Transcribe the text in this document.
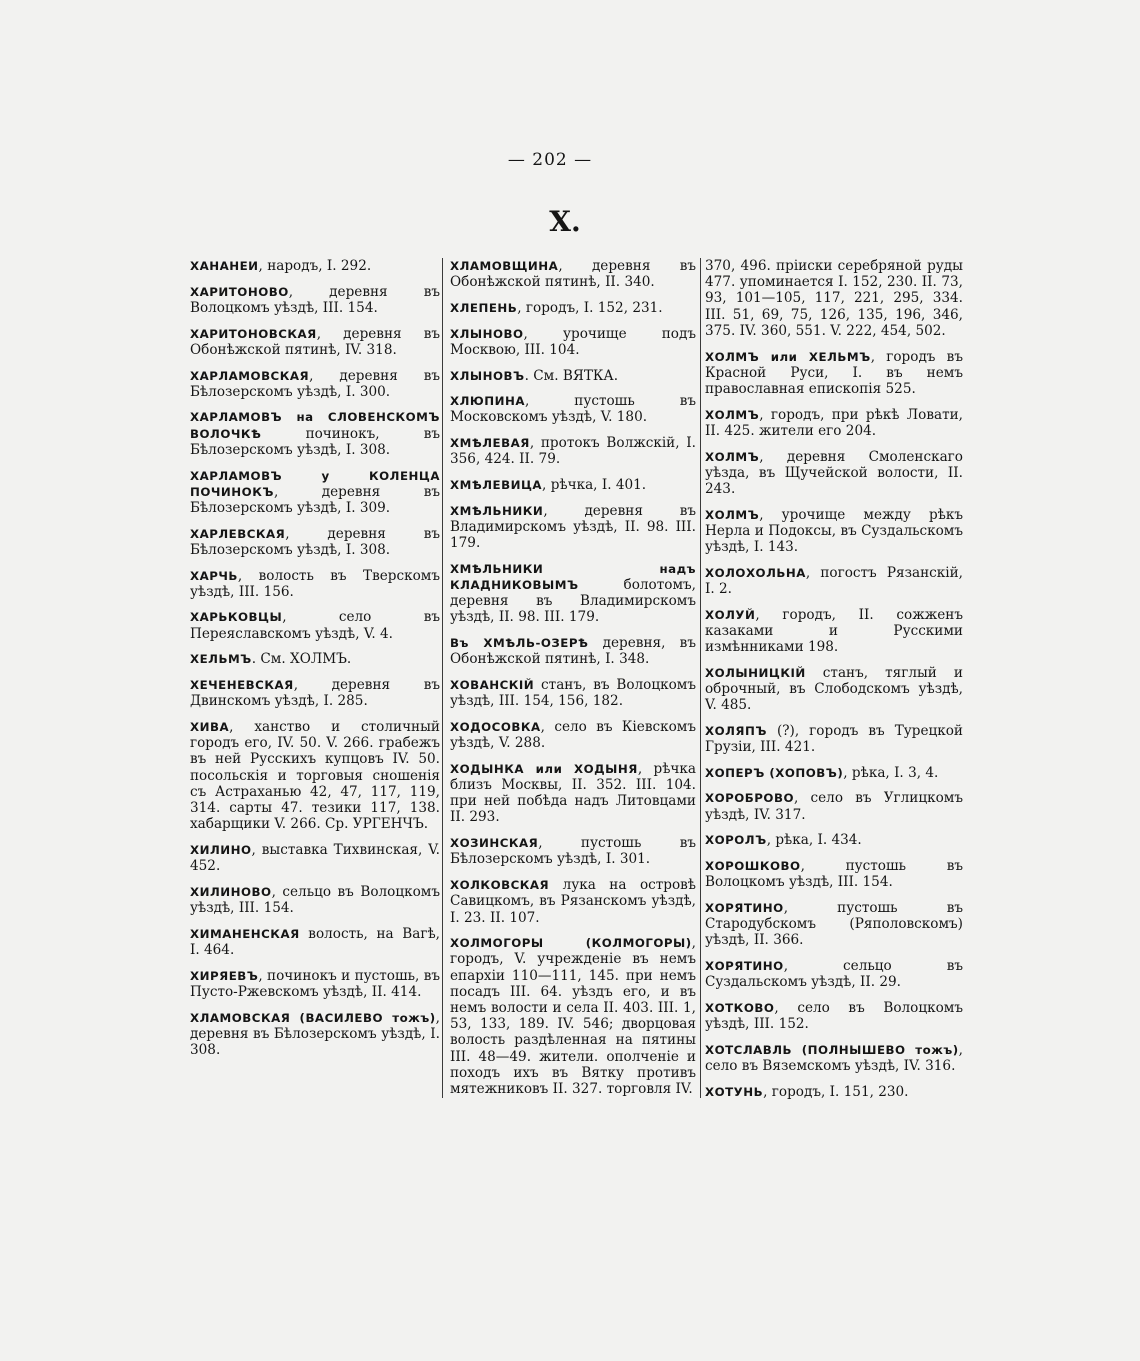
— 202 —
Х.

ХАНАНЕИ, народъ, I. 292.

ХАРИТОНОВО, деревня въ Волоцкомъ уѣздѣ, III. 154.

ХАРИТОНОВСКАЯ, деревня въ Обонѣжской пятинѣ, IV. 318.

ХАРЛАМОВСКАЯ, деревня въ Бѣлозерскомъ уѣздѣ, I. 300.

ХАРЛАМОВЪ на СЛОВЕНСКОМЪ ВОЛОЧКѢ починокъ, въ Бѣлозерскомъ уѣздѣ, I. 308.

ХАРЛАМОВЪ у КОЛЕНЦА ПОЧИНОКЪ, деревня въ Бѣлозерскомъ уѣздѣ, I. 309.

ХАРЛЕВСКАЯ, деревня въ Бѣлозерскомъ уѣздѣ, I. 308.

ХАРЧЬ, волость въ Тверскомъ уѣздѣ, III. 156.

ХАРЬКОВЦЫ, село въ Переяславскомъ уѣздѣ, V. 4.

ХЕЛЬМЪ. См. ХОЛМЪ.

ХЕЧЕНЕВСКАЯ, деревня въ Двинскомъ уѣздѣ, I. 285.

ХИВА, ханство и столичный городъ его, IV. 50. V. 266. грабежъ въ ней Русскихъ купцовъ IV. 50. посольскія и торговыя сношенія съ Астраханью 42, 47, 117, 119, 314. сарты 47. тезики 117, 138. хабарщики V. 266. Ср. УРГЕНЧЪ.

ХИЛИНО, выставка Тихвинская, V. 452.

ХИЛИНОВО, сельцо въ Волоцкомъ уѣздѣ, III. 154.

ХИМАНЕНСКАЯ волость, на Вагѣ, I. 464.

ХИРЯЕВЪ, починокъ и пустошь, въ Пусто-Ржевскомъ уѣздѣ, II. 414.

ХЛАМОВСКАЯ (ВАСИЛЕВО тожъ), деревня въ Бѣлозерскомъ уѣздѣ, I. 308.

ХЛАМОВЩИНА, деревня въ Обонѣжской пятинѣ, II. 340.

ХЛЕПЕНЬ, городъ, I. 152, 231.

ХЛЫНОВО, урочище подъ Москвою, III. 104.

ХЛЫНОВЪ. См. ВЯТКА.

ХЛЮПИНА, пустошь въ Московскомъ уѣздѣ, V. 180.

ХМѢЛЕВАЯ, протокъ Волжскій, I. 356, 424. II. 79.

ХМѢЛЕВИЦА, рѣчка, I. 401.

ХМѢЛЬНИКИ, деревня въ Владимирскомъ уѣздѣ, II. 98. III. 179.

ХМѢЛЬНИКИ надъ КЛАДНИКОВЫМЪ болотомъ, деревня въ Владимирскомъ уѣздѣ, II. 98. III. 179.

Въ ХМѢЛЬ-ОЗЕРѢ деревня, въ Обонѣжской пятинѣ, I. 348.

ХОВАНСКІЙ станъ, въ Волоцкомъ уѣздѣ, III. 154, 156, 182.

ХОДОСОВКА, село въ Кіевскомъ уѣздѣ, V. 288.

ХОДЫНКА или ХОДЫНЯ, рѣчка близъ Москвы, II. 352. III. 104. при ней побѣда надъ Литовцами II. 293.

ХОЗИНСКАЯ, пустошь въ Бѣлозерскомъ уѣздѣ, I. 301.

ХОЛКОВСКАЯ лука на островѣ Савицкомъ, въ Рязанскомъ уѣздѣ, I. 23. II. 107.

ХОЛМОГОРЫ (КОЛМОГОРЫ), городъ, V. учрежденіе въ немъ епархіи 110—111, 145. при немъ посадъ III. 64. уѣздъ его, и въ немъ волости и села II. 403. III. 1, 53, 133, 189. IV. 546; дворцовая волость раздѣленная на пятины III. 48—49. жители. ополченіе и походъ ихъ въ Вятку противъ мятежниковъ II. 327. торговля IV.

370, 496. пріиски серебряной руды 477. упоминается I. 152, 230. II. 73, 93, 101—105, 117, 221, 295, 334. III. 51, 69, 75, 126, 135, 196, 346, 375. IV. 360, 551. V. 222, 454, 502.

ХОЛМЪ или ХЕЛЬМЪ, городъ въ Красной Руси, I. въ немъ православная епископія 525.

ХОЛМЪ, городъ, при рѣкѣ Ловати, II. 425. жители его 204.

ХОЛМЪ, деревня Смоленскаго уѣзда, въ Щучейской волости, II. 243.

ХОЛМЪ, урочище между рѣкъ Нерла и Подоксы, въ Суздальскомъ уѣздѣ, I. 143.

ХОЛОХОЛЬНА, погостъ Рязанскій, I. 2.

ХОЛУЙ, городъ, II. сожженъ казаками и Русскими измѣнниками 198.

ХОЛЫНИЦКІЙ станъ, тяглый и оброчный, въ Слободскомъ уѣздѣ, V. 485.

ХОЛЯПЪ (?), городъ въ Турецкой Грузіи, III. 421.

ХОПЕРЪ (ХОПОВЪ), рѣка, I. 3, 4.

ХОРОБРОВО, село въ Углицкомъ уѣздѣ, IV. 317.

ХОРОЛЪ, рѣка, I. 434.

ХОРОШКОВО, пустошь въ Волоцкомъ уѣздѣ, III. 154.

ХОРЯТИНО, пустошь въ Стародубскомъ (Ряполовскомъ) уѣздѣ, II. 366.

ХОРЯТИНО, сельцо въ Суздальскомъ уѣздѣ, II. 29.

ХОТКОВО, село въ Волоцкомъ уѣздѣ, III. 152.

ХОТСЛАВЛЬ (ПОЛНЫШЕВО тожъ), село въ Вяземскомъ уѣздѣ, IV. 316.

ХОТУНЬ, городъ, I. 151, 230.
